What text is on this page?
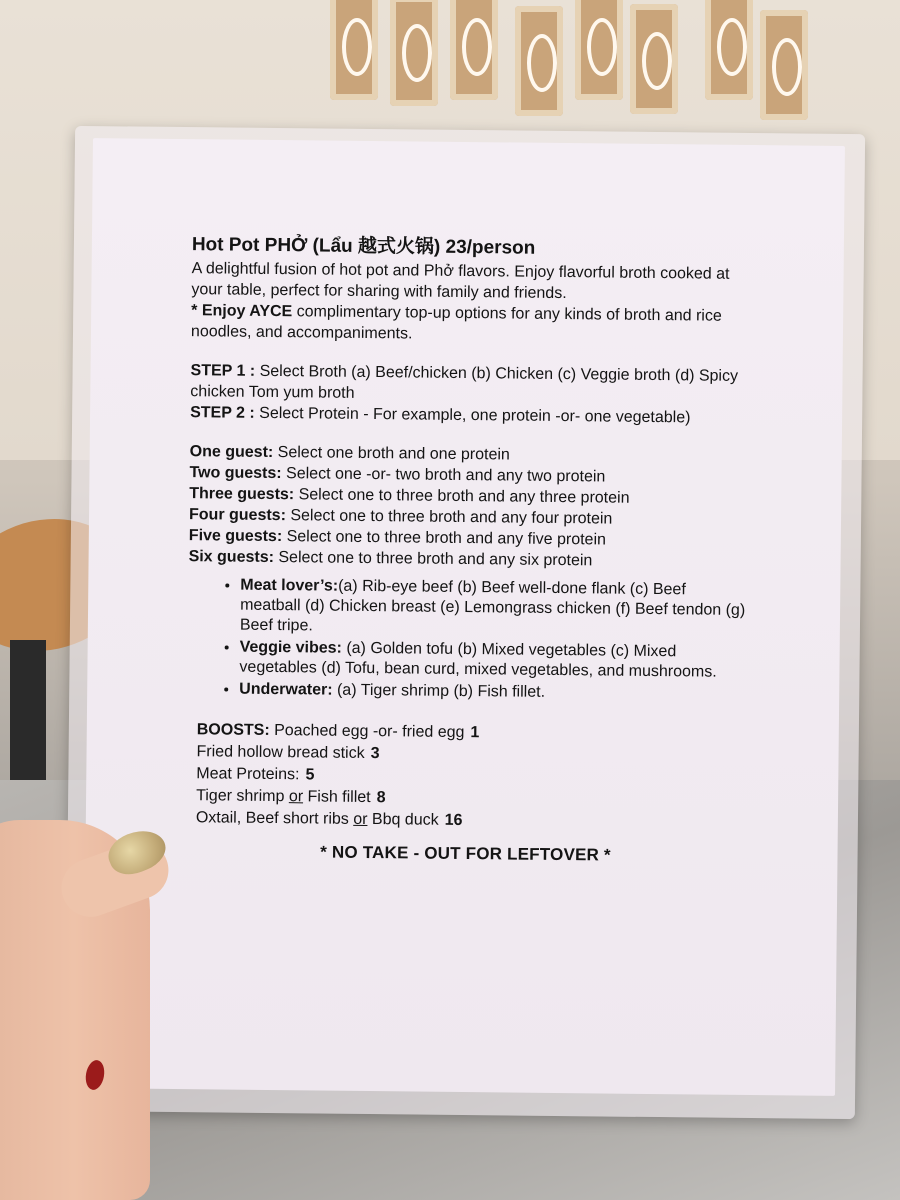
Hot Pot PHỞ (Lẩu 越式火锅) 23/person

A delightful fusion of hot pot and Phở flavors. Enjoy flavorful broth cooked at your table, perfect for sharing with family and friends.

* Enjoy AYCE complimentary top-up options for any kinds of broth and rice noodles, and accompaniments.

STEP 1 : Select Broth (a) Beef/chicken (b) Chicken (c) Veggie broth (d) Spicy chicken Tom yum broth

STEP 2 : Select Protein - For example, one protein -or- one vegetable)

One guest: Select one broth and one protein

Two guests: Select one -or- two broth and any two protein

Three guests: Select one to three broth and any three protein

Four guests: Select one to three broth and any four protein

Five guests: Select one to three broth and any five protein

Six guests: Select one to three broth and any six protein

• Meat lover’s:(a) Rib-eye beef (b) Beef well-done flank (c) Beef meatball (d) Chicken breast (e) Lemongrass chicken (f) Beef tendon (g) Beef tripe.
• Veggie vibes: (a) Golden tofu (b) Mixed vegetables (c) Mixed vegetables (d) Tofu, bean curd, mixed vegetables, and mushrooms.
• Underwater: (a) Tiger shrimp (b) Fish fillet.

BOOSTS: Poached egg -or- fried egg 1

Fried hollow bread stick 3

Meat Proteins: 5

Tiger shrimp or Fish fillet 8

Oxtail, Beef short ribs or Bbq duck 16

* NO TAKE - OUT FOR LEFTOVER *
